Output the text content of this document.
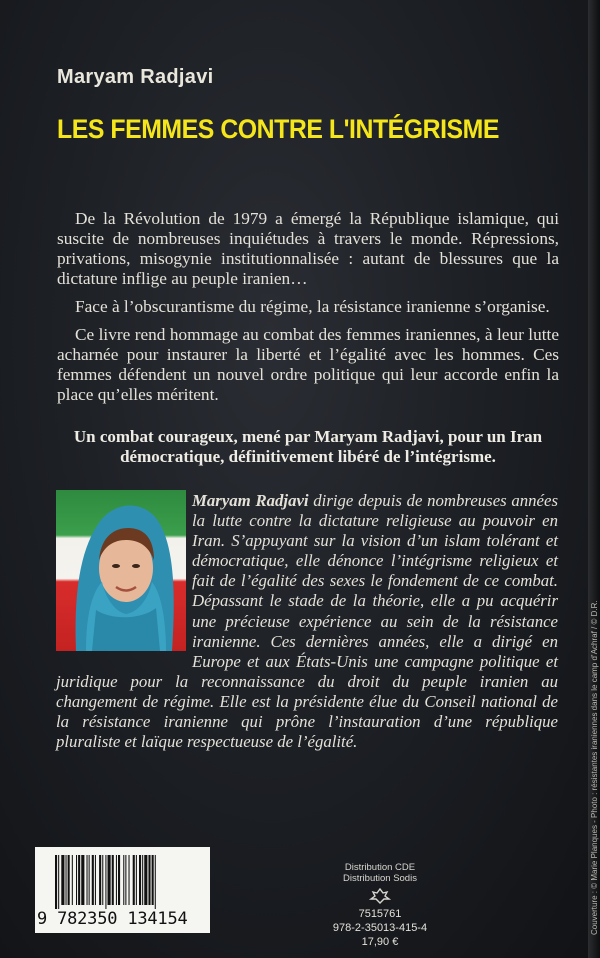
Maryam Radjavi
LES FEMMES CONTRE L'INTÉGRISME

De la Révolution de 1979 a émergé la République islamique, qui suscite de nombreuses inquiétudes à travers le monde. Répressions, privations, misogynie institutionnalisée : autant de blessures que la dictature inflige au peuple iranien…

Face à l’obscurantisme du régime, la résistance iranienne s’organise.

Ce livre rend hommage au combat des femmes iraniennes, à leur lutte acharnée pour instaurer la liberté et l’égalité avec les hommes. Ces femmes défendent un nouvel ordre politique qui leur accorde enfin la place qu’elles méritent.

Un combat courageux, mené par Maryam Radjavi, pour un Iran démocratique, définitivement libéré de l’intégrisme.
Maryam Radjavi dirige depuis de nombreuses années la lutte contre la dictature religieuse au pouvoir en Iran. S’appuyant sur la vision d’un islam tolérant et démocratique, elle dénonce l’intégrisme religieux et fait de l’égalité des sexes le fondement de ce combat. Dépassant le stade de la théorie, elle a pu acquérir une précieuse expérience au sein de la résistance iranienne. Ces dernières années, elle a dirigé en Europe et aux États-Unis une campagne politique et juridique pour la reconnaissance du droit du peuple iranien au changement de régime. Elle est la présidente élue du Conseil national de la résistance iranienne qui prône l’instauration d’une république pluraliste et laïque respectueuse de l’égalité.
9 782350 134154
Distribution CDE
Distribution Sodis
7515761
978-2-35013-415-4
17,90 €
Couverture : © Marie Planques - Photo : résistantes iraniennes dans le camp d’Achraf / © D.R.
